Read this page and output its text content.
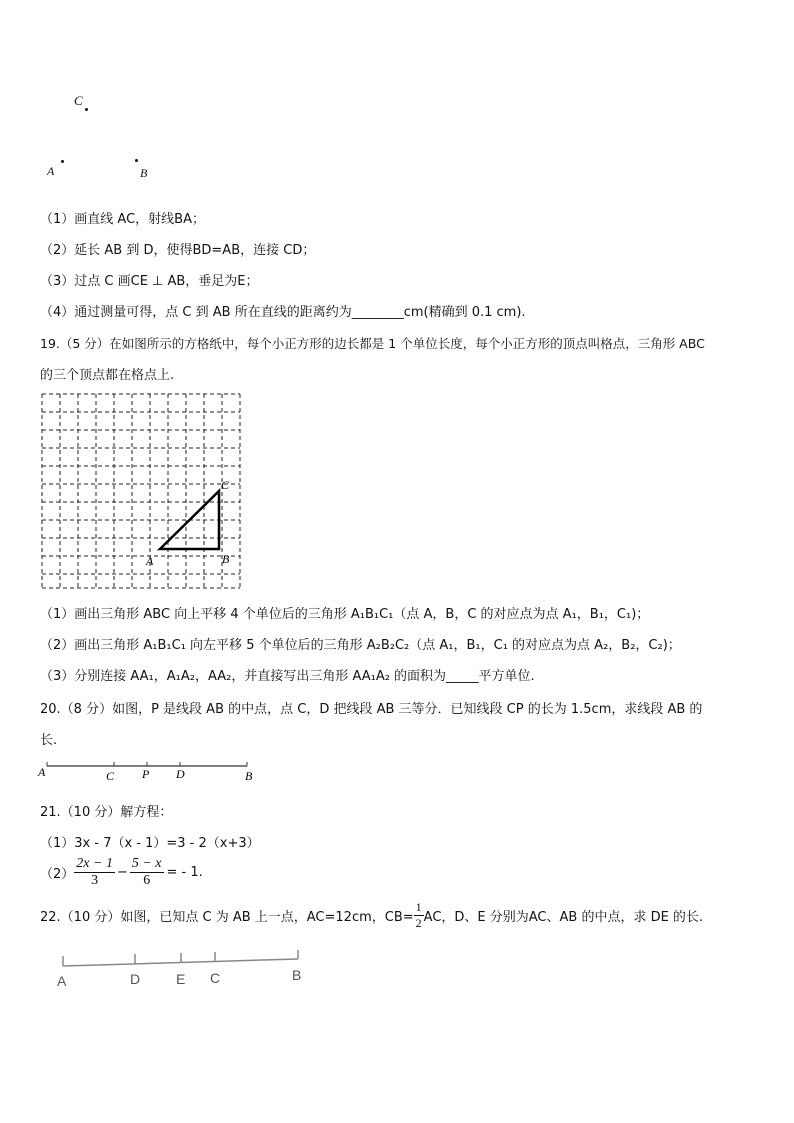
C
A	B
（1）画直线 AC，射线BA；
（2）延长 AB 到 D，使得BD=AB，连接 CD；
（3）过点 C 画CE ⊥ AB，垂足为E；
（4）通过测量可得，点 C 到 AB 所在直线的距离约为________cm(精确到 0.1 cm).
19.（5 分）在如图所示的方格纸中，每个小正方形的边长都是 1 个单位长度，每个小正方形的顶点叫格点，三角形 ABC
的三个顶点都在格点上.
A	B
C
（1）画出三角形 ABC 向上平移 4 个单位后的三角形 A₁B₁C₁（点 A，B，C 的对应点为点 A₁，B₁，C₁)；
（2）画出三角形 A₁B₁C₁ 向左平移 5 个单位后的三角形 A₂B₂C₂（点 A₁，B₁，C₁ 的对应点为点 A₂，B₂，C₂)；
（3）分别连接 AA₁，A₁A₂，AA₂，并直接写出三角形 AA₁A₂ 的面积为_____平方单位.
20.（8 分）如图，P 是线段 AB 的中点，点 C，D 把线段 AB 三等分．已知线段 CP 的长为 1.5cm，求线段 AB 的
长.
A	C P D	B
21.（10 分）解方程：
（1）3x - 7（x - 1）=3 - 2（x+3）
$(2) \frac{2x - 1}{3} - \frac{5 - x}{6}$ = - 1.
22.（10 分）如图，已知点 C 为 AB 上一点，AC=12cm，$CB= \frac{1}{2}$ AC，D、E 分别为AC、AB 的中点，求 DE 的长.
A	D	E C	B
